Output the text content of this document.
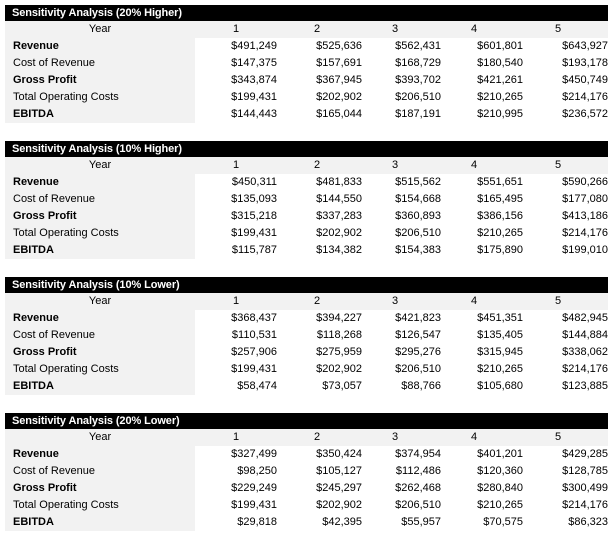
Sensitivity Analysis (20% Higher)
Year	1	2	3	4	5
Revenue	$491,249	$525,636	$562,431	$601,801	$643,927
Cost of Revenue	$147,375	$157,691	$168,729	$180,540	$193,178
Gross Profit	$343,874	$367,945	$393,702	$421,261	$450,749
Total Operating Costs	$199,431	$202,902	$206,510	$210,265	$214,176
EBITDA	$144,443	$165,044	$187,191	$210,995	$236,572
Sensitivity Analysis (10% Higher)
Year	1	2	3	4	5
Revenue	$450,311	$481,833	$515,562	$551,651	$590,266
Cost of Revenue	$135,093	$144,550	$154,668	$165,495	$177,080
Gross Profit	$315,218	$337,283	$360,893	$386,156	$413,186
Total Operating Costs	$199,431	$202,902	$206,510	$210,265	$214,176
EBITDA	$115,787	$134,382	$154,383	$175,890	$199,010
Sensitivity Analysis (10% Lower)
Year	1	2	3	4	5
Revenue	$368,437	$394,227	$421,823	$451,351	$482,945
Cost of Revenue	$110,531	$118,268	$126,547	$135,405	$144,884
Gross Profit	$257,906	$275,959	$295,276	$315,945	$338,062
Total Operating Costs	$199,431	$202,902	$206,510	$210,265	$214,176
EBITDA	$58,474	$73,057	$88,766	$105,680	$123,885
Sensitivity Analysis (20% Lower)
Year	1	2	3	4	5
Revenue	$327,499	$350,424	$374,954	$401,201	$429,285
Cost of Revenue	$98,250	$105,127	$112,486	$120,360	$128,785
Gross Profit	$229,249	$245,297	$262,468	$280,840	$300,499
Total Operating Costs	$199,431	$202,902	$206,510	$210,265	$214,176
EBITDA	$29,818	$42,395	$55,957	$70,575	$86,323
